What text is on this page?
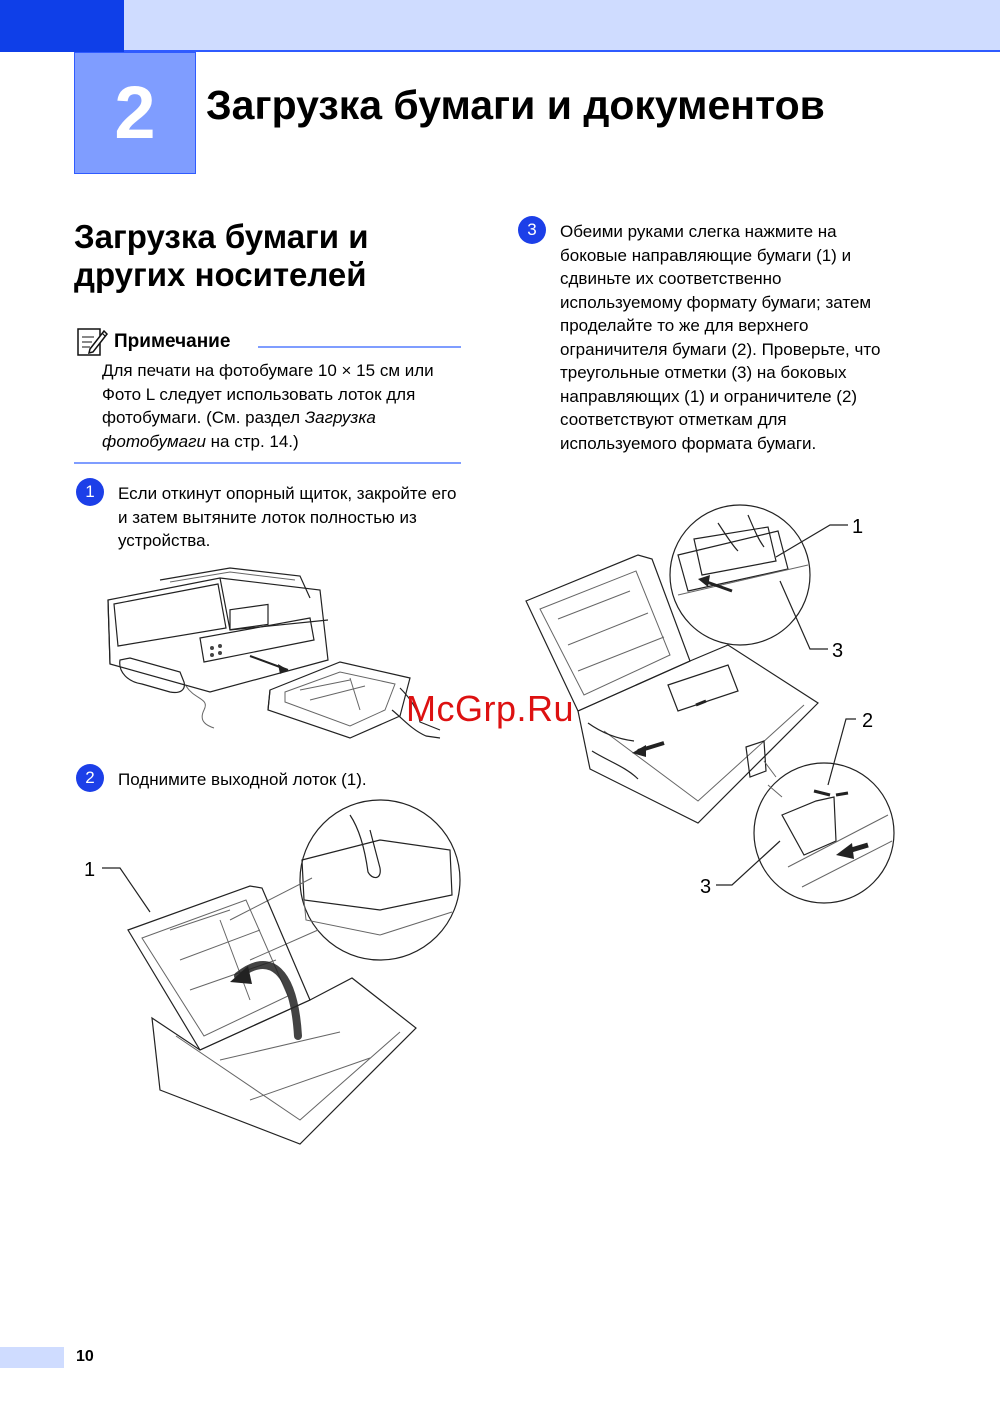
2	Загрузка бумаги и документов
Загрузка бумаги и других носителей
Примечание
Для печати на фотобумаге 10 × 15 см или Фото L следует использовать лоток для фотобумаги. (См. раздел Загрузка фотобумаги на стр. 14.)
1	Если откинут опорный щиток, закройте его и затем вытяните лоток полностью из устройства.
McGrp.Ru
2	Поднимите выходной лоток (1).
1
3	Обеими руками слегка нажмите на боковые направляющие бумаги (1) и сдвиньте их соответственно используемому формату бумаги; затем проделайте то же для верхнего ограничителя бумаги (2). Проверьте, что треугольные отметки (3) на боковых направляющих (1) и ограничителе (2) соответствуют отметкам для используемого формата бумаги.
1
3
2
3
10
